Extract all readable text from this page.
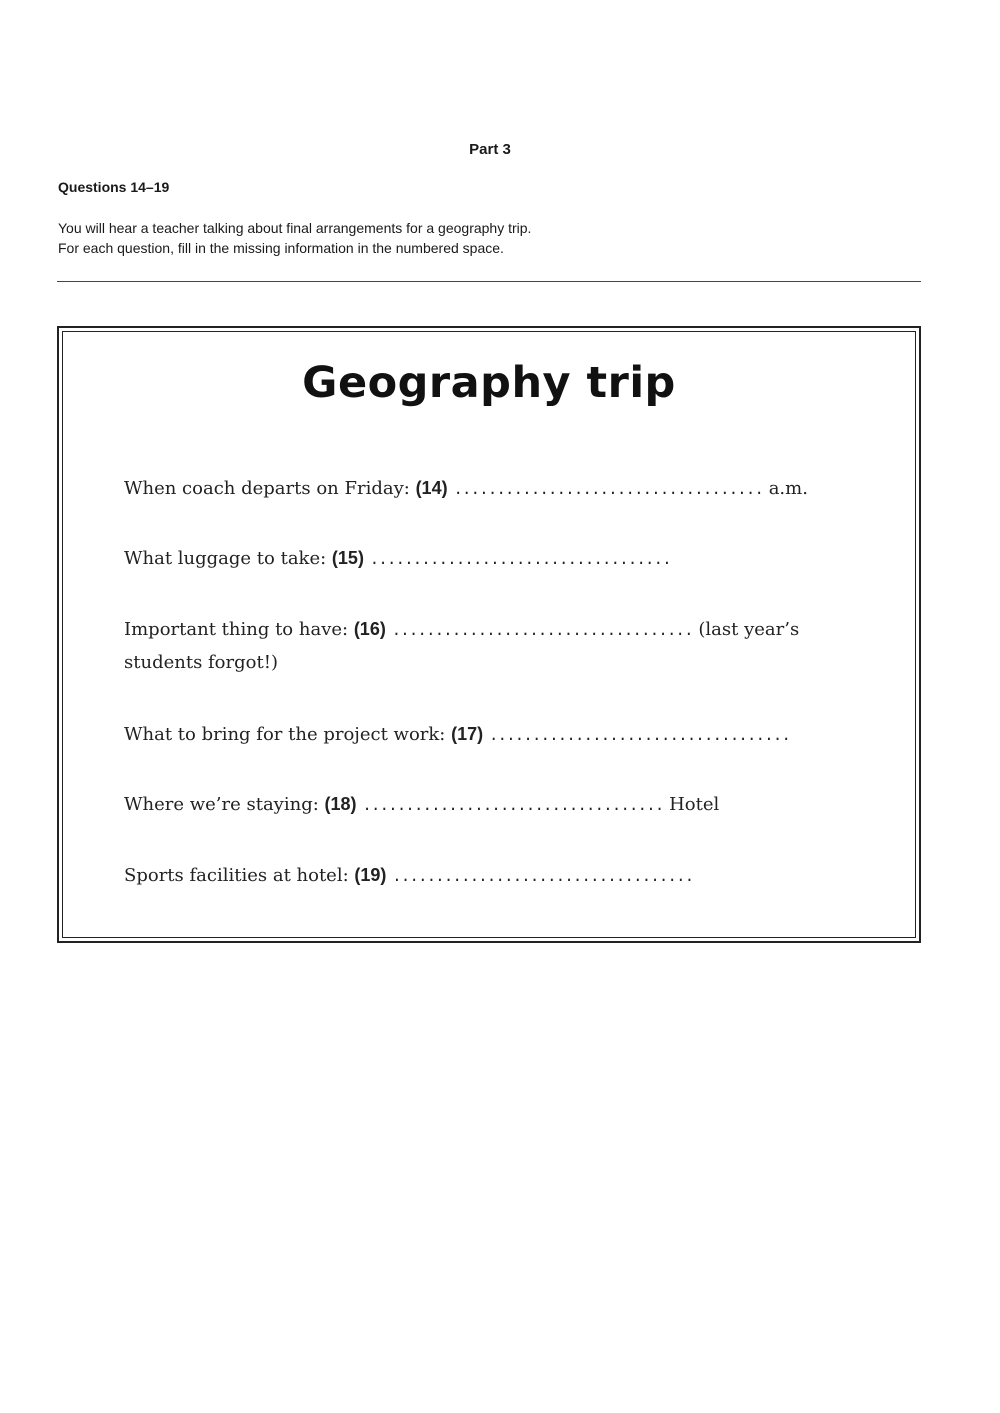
Part 3
Questions 14–19
You will hear a teacher talking about final arrangements for a geography trip.
For each question, fill in the missing information in the numbered space.
Geography trip
When coach departs on Friday: (14) .................................... a.m.
What luggage to take: (15) ...................................
Important thing to have: (16) ................................... (last year’s
students forgot!)
What to bring for the project work: (17) ...................................
Where we’re staying: (18) ................................... Hotel
Sports facilities at hotel: (19) ...................................
